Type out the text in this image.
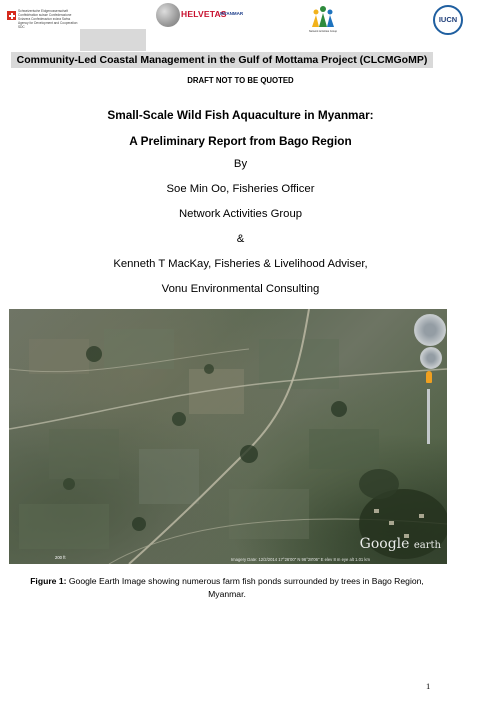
Schweizerische Eidgenossenschaft Confédération suisse Confederazione Svizzera Confederaziun svizra Swiss Agency for Development and Cooperation SDC
HELVETAS
MYANMAR
Network Activities Group
IUCN
Community-Led Coastal Management in the Gulf of Mottama Project (CLCMGoMP)
DRAFT NOT TO BE QUOTED
Small-Scale Wild Fish Aquaculture in Myanmar:
A Preliminary Report from Bago Region
By
Soe Min Oo, Fisheries Officer
Network Activities Group
&
Kenneth T MacKay, Fisheries & Livelihood Adviser,
Vonu Environmental Consulting
200 ft	Imagery Date: 12/2/2014 17°26'00" N 96°28'06" E elev 8 m eye alt 1.01 km
Google earth
Figure 1: Google Earth Image showing numerous farm fish ponds surrounded by trees in Bago Region, Myanmar.
1
